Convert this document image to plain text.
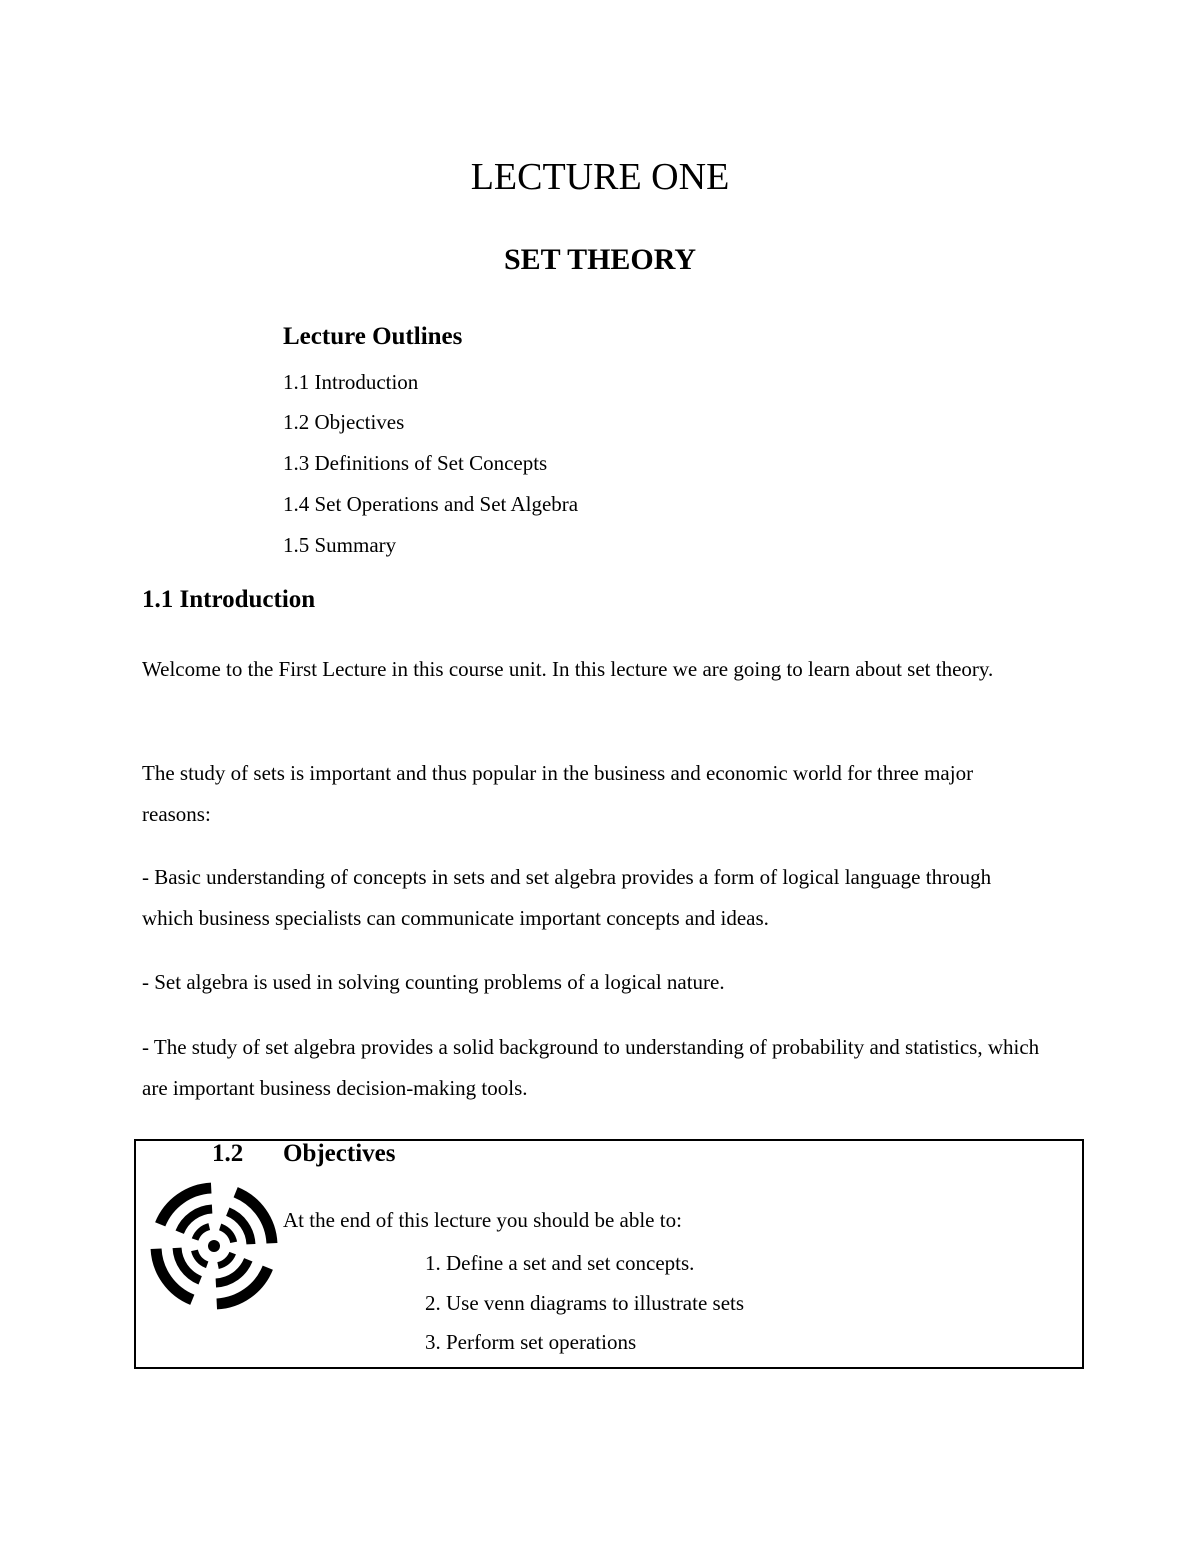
LECTURE ONE
SET THEORY
Lecture Outlines
1.1 Introduction
1.2 Objectives
1.3 Definitions of Set Concepts
1.4 Set Operations and Set Algebra
1.5 Summary
1.1 Introduction
Welcome to the First Lecture in this course unit. In this lecture we are going to learn about set theory.
The study of sets is important and thus popular in the business and economic world for three major reasons:
- Basic understanding of concepts in sets and set algebra provides a form of logical language through which business specialists can communicate important concepts and ideas.
- Set algebra is used in solving counting problems of a logical nature.
- The study of set algebra provides a solid background to understanding of probability and statistics, which are important business decision-making tools.
1.2 Objectives
At the end of this lecture you should be able to:
1. Define a set and set concepts.
2. Use venn diagrams to illustrate sets
3. Perform set operations
